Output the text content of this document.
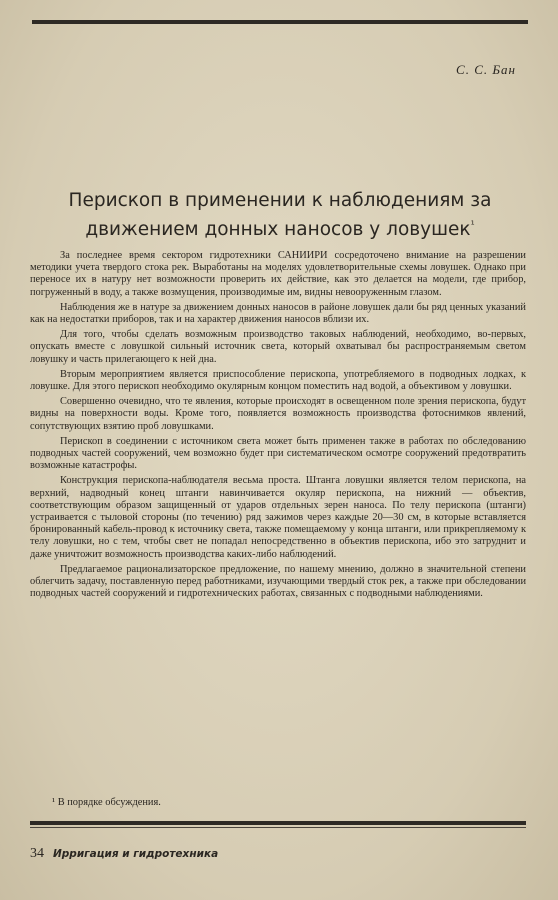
С. С. Бан
Перископ в применении к наблюдениям за
движением донных наносов у ловушек$^{^1}$

За последнее время сектором гидротехники САНИИРИ сосредоточено внимание на разрешении методики учета твердого стока рек. Выработаны на моделях удовлетворительные схемы ловушек. Однако при переносе их в натуру нет возможности проверить их действие, как это делается на модели, где прибор, погруженный в воду, а также возмущения, производимые им, видны невооруженным глазом.

Наблюдения же в натуре за движением донных наносов в районе ловушек дали бы ряд ценных указаний как на недостатки приборов, так и на характер движения наносов вблизи их.

Для того, чтобы сделать возможным производство таковых наблюдений, необходимо, во-первых, опускать вместе с ловушкой сильный источник света, который охватывал бы распространяемым светом ловушку и часть прилегающего к ней дна.

Вторым мероприятием является приспособление перископа, употребляемого в подводных лодках, к ловушке. Для этого перископ необходимо окулярным концом поместить над водой, а объективом у ловушки.

Совершенно очевидно, что те явления, которые происходят в освещенном поле зрения перископа, будут видны на поверхности воды. Кроме того, появляется возможность производства фотоснимков явлений, сопутствующих взятию проб ловушками.

Перископ в соединении с источником света может быть применен также в работах по обследованию подводных частей сооружений, чем возможно будет при систематическом осмотре сооружений предотвратить возможные катастрофы.

Конструкция перископа-наблюдателя весьма проста. Штанга ловушки является телом перископа, на верхний, надводный конец штанги навинчивается окуляр перископа, на нижний — объектив, соответствующим образом защищенный от ударов отдельных зерен наноса. По телу перископа (штанги) устраивается с тыловой стороны (по течению) ряд зажимов через каждые 20—30 см, в которые вставляется бронированный кабель-провод к источнику света, также помещаемому у конца штанги, или прикрепляемому к телу ловушки, но с тем, чтобы свет не попадал непосредственно в объектив перископа, ибо это затруднит и даже уничтожит возможность производства каких-либо наблюдений.

Предлагаемое рационализаторское предложение, по нашему мнению, должно в значительной степени облегчить задачу, поставленную перед работниками, изучающими твердый сток рек, а также при обследовании подводных частей сооружений и гидротехнических работах, связанных с подводными наблюдениями.

¹ В порядке обсуждения.
34 Ирригация и гидротехника
